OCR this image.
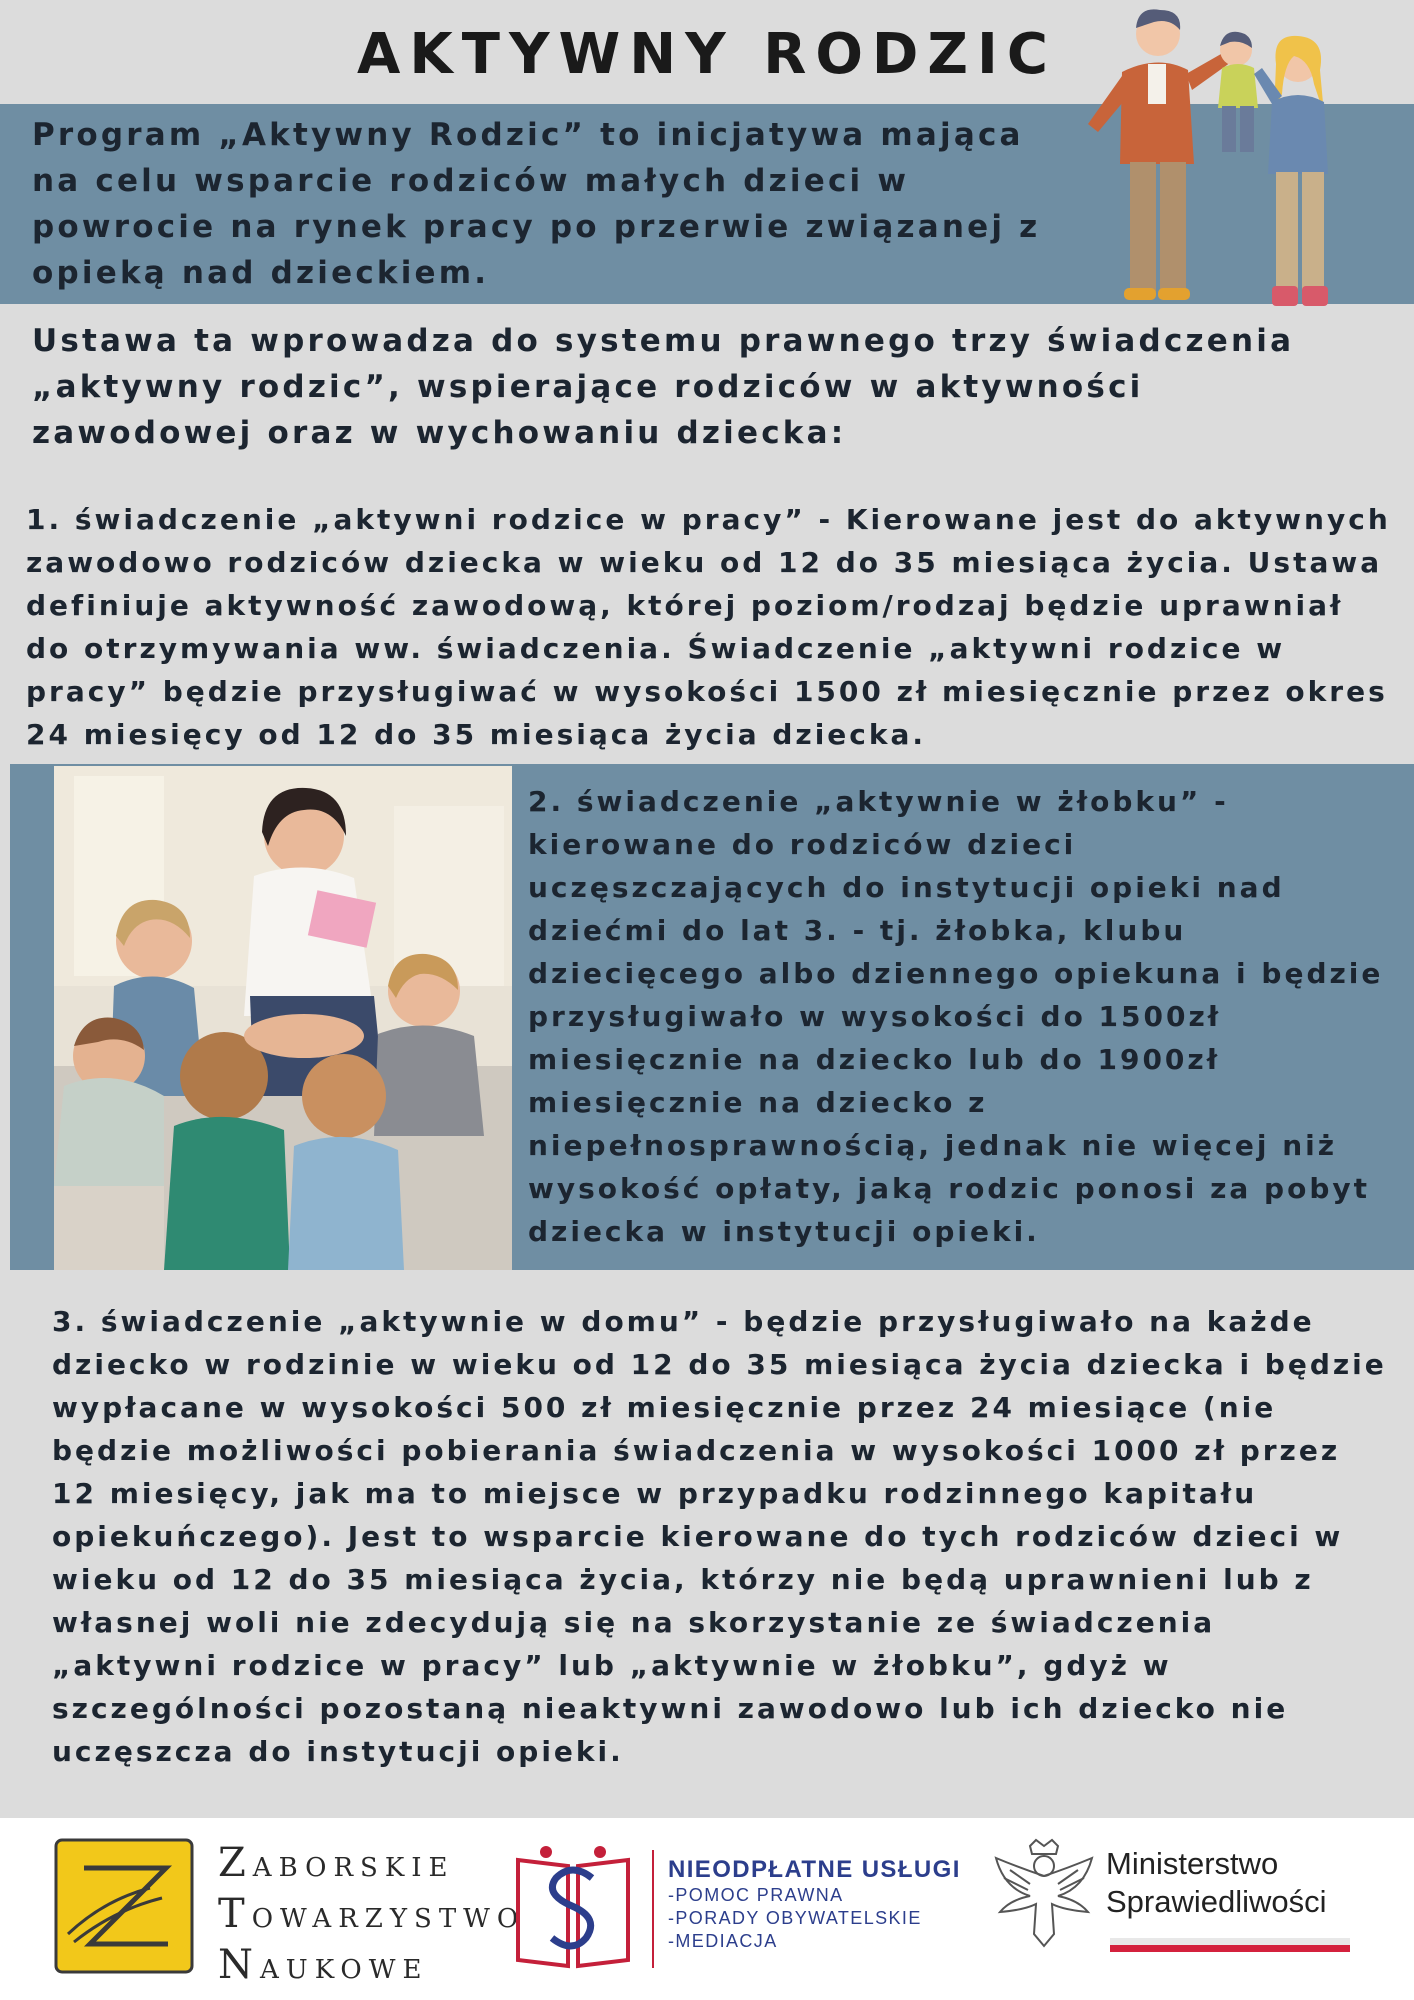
AKTYWNY RODZIC
Program „Aktywny Rodzic” to inicjatywa mająca na celu wsparcie rodziców małych dzieci w powrocie na rynek pracy po przerwie związanej z opieką nad dzieckiem.
Ustawa ta wprowadza do systemu prawnego trzy świadczenia „aktywny rodzic”, wspierające rodziców w aktywności zawodowej oraz w wychowaniu dziecka:
1. świadczenie „aktywni rodzice w pracy” - Kierowane jest do aktywnych zawodowo rodziców dziecka w wieku od 12 do 35 miesiąca życia. Ustawa definiuje aktywność zawodową, której poziom/rodzaj będzie uprawniał do otrzymywania ww. świadczenia. Świadczenie „aktywni rodzice w pracy” będzie przysługiwać w wysokości 1500 zł miesięcznie przez okres 24 miesięcy od 12 do 35 miesiąca życia dziecka.
2. świadczenie „aktywnie w żłobku” - kierowane do rodziców dzieci uczęszczających do instytucji opieki nad dziećmi do lat 3. - tj. żłobka, klubu dziecięcego albo dziennego opiekuna i będzie przysługiwało w wysokości do 1500zł miesięcznie na dziecko lub do 1900zł miesięcznie na dziecko z niepełnosprawnością, jednak nie więcej niż wysokość opłaty, jaką rodzic ponosi za pobyt dziecka w instytucji opieki.
3. świadczenie „aktywnie w domu” - będzie przysługiwało na każde dziecko w rodzinie w wieku od 12 do 35 miesiąca życia dziecka i będzie wypłacane w wysokości 500 zł miesięcznie przez 24 miesiące (nie będzie możliwości pobierania świadczenia w wysokości 1000 zł przez 12 miesięcy, jak ma to miejsce w przypadku rodzinnego kapitału opiekuńczego). Jest to wsparcie kierowane do tych rodziców dzieci w wieku od 12 do 35 miesiąca życia, którzy nie będą uprawnieni lub z własnej woli nie zdecydują się na skorzystanie ze świadczenia „aktywni rodzice w pracy” lub „aktywnie w żłobku”, gdyż w szczególności pozostaną nieaktywni zawodowo lub ich dziecko nie uczęszcza do instytucji opieki.
ZABORSKIE
TOWARZYSTWO
NAUKOWE
NIEODPŁATNE USŁUGI
-POMOC PRAWNA
-PORADY OBYWATELSKIE
-MEDIACJA
Ministerstwo
Sprawiedliwości
